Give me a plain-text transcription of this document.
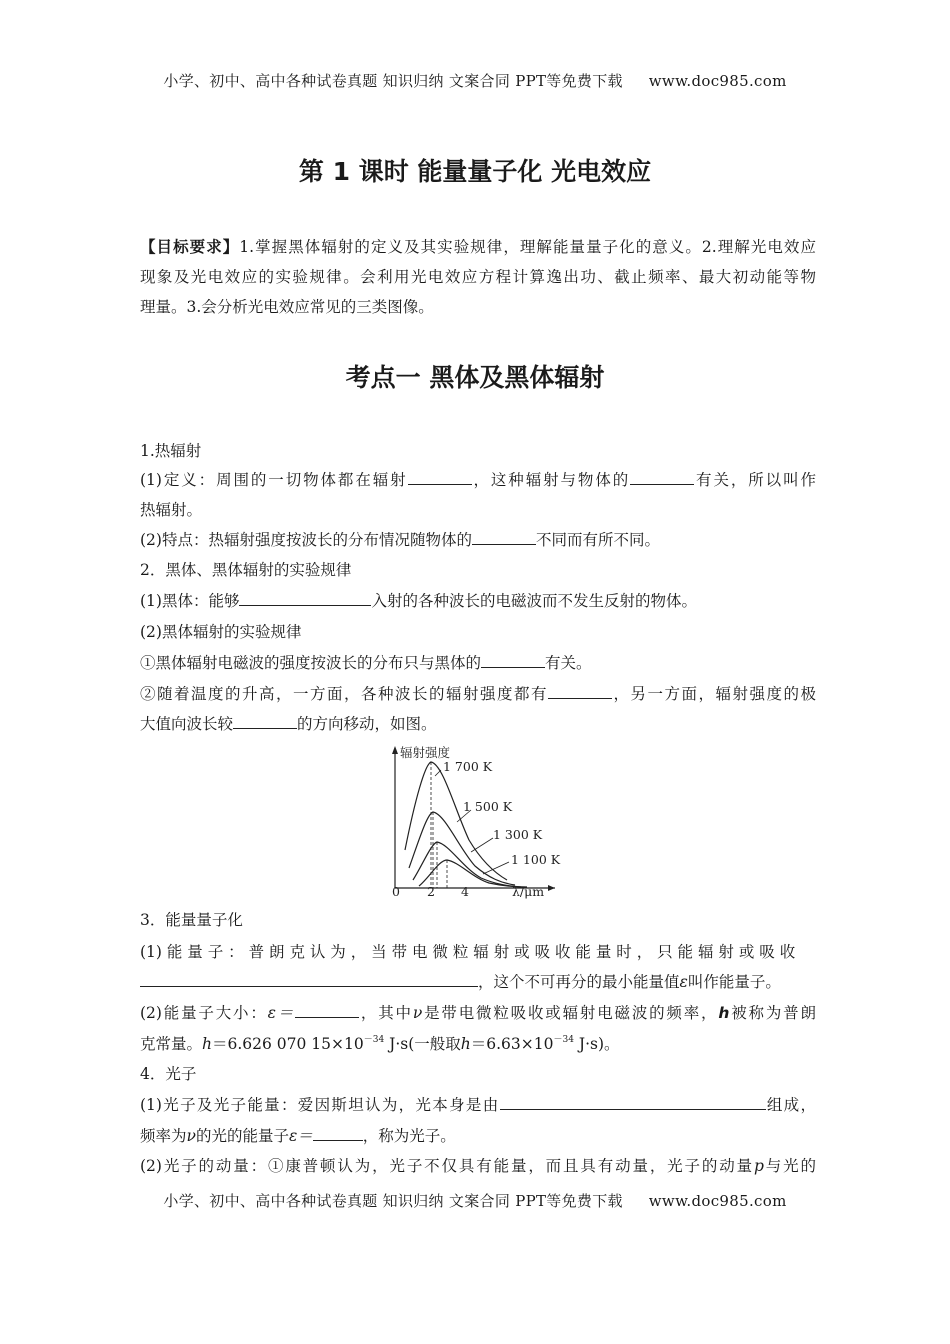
小学、初中、高中各种试卷真题 知识归纳 文案合同 PPT等免费下载 www.doc985.com
第 1 课时 能量量子化 光电效应
【目标要求】1.掌握黑体辐射的定义及其实验规律，理解能量量子化的意义。2.理解光电效应
现象及光电效应的实验规律。会利用光电效应方程计算逸出功、截止频率、最大初动能等物
理量。3.会分析光电效应常见的三类图像。
考点一 黑体及黑体辐射
1.热辐射
(1)定义：周围的一切物体都在辐射	，这种辐射与物体的	有关，所以叫作
热辐射。
(2)特点：热辐射强度按波长的分布情况随物体的	不同而有所不同。
2．黑体、黑体辐射的实验规律
(1)黑体：能够	入射的各种波长的电磁波而不发生反射的物体。
(2)黑体辐射的实验规律
①黑体辐射电磁波的强度按波长的分布只与黑体的	有关。
②随着温度的升高，一方面，各种波长的辐射强度都有	，另一方面，辐射强度的极
大值向波长较	的方向移动，如图。
辐射强度
λ/μm
0 2 4
1 700 K
1 500 K
1 300 K
1 100 K
3．能量量子化
(1) 能 量 子 ： 普 朗 克 认 为 ， 当 带 电 微 粒 辐 射 或 吸 收 能 量 时 ， 只 能 辐 射 或 吸 收
，这个不可再分的最小能量值ε叫作能量子。
(2)能量子大小：ε＝	，其中ν是带电微粒吸收或辐射电磁波的频率，h被称为普朗
克常量。h＝6.626 070 $15\times 10^{-34}$ J·s(一般取$h=6.63\times 10^{-34}$ J·s)。
4．光子
(1)光子及光子能量：爱因斯坦认为，光本身是由	组成，
频率为ν的光的能量子ε＝	，称为光子。
(2)光子的动量：①康普顿认为，光子不仅具有能量，而且具有动量，光子的动量p与光的
小学、初中、高中各种试卷真题 知识归纳 文案合同 PPT等免费下载 www.doc985.com
